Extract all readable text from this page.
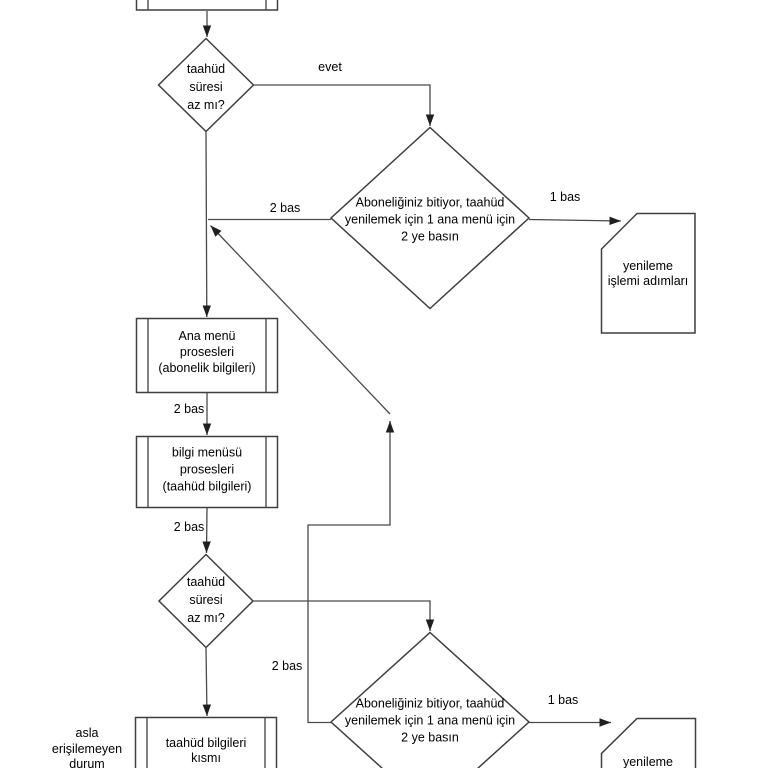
taahüd
süresi
az mı?
Aboneliğiniz bitiyor, taahüd
yenilemek için 1 ana menü için
2 ye basın
yenileme
işlemi adımları
Ana menü
prosesleri
(abonelik bilgileri)
bilgi menüsü
prosesleri
(taahüd bilgileri)
taahüd
süresi
az mı?
Aboneliğiniz bitiyor, taahüd
yenilemek için 1 ana menü için
2 ye basın
yenileme
taahüd bilgileri
kısmı
asla
erişilemeyen
durum
evet
1 bas
2 bas
2 bas
2 bas
2 bas
1 bas
